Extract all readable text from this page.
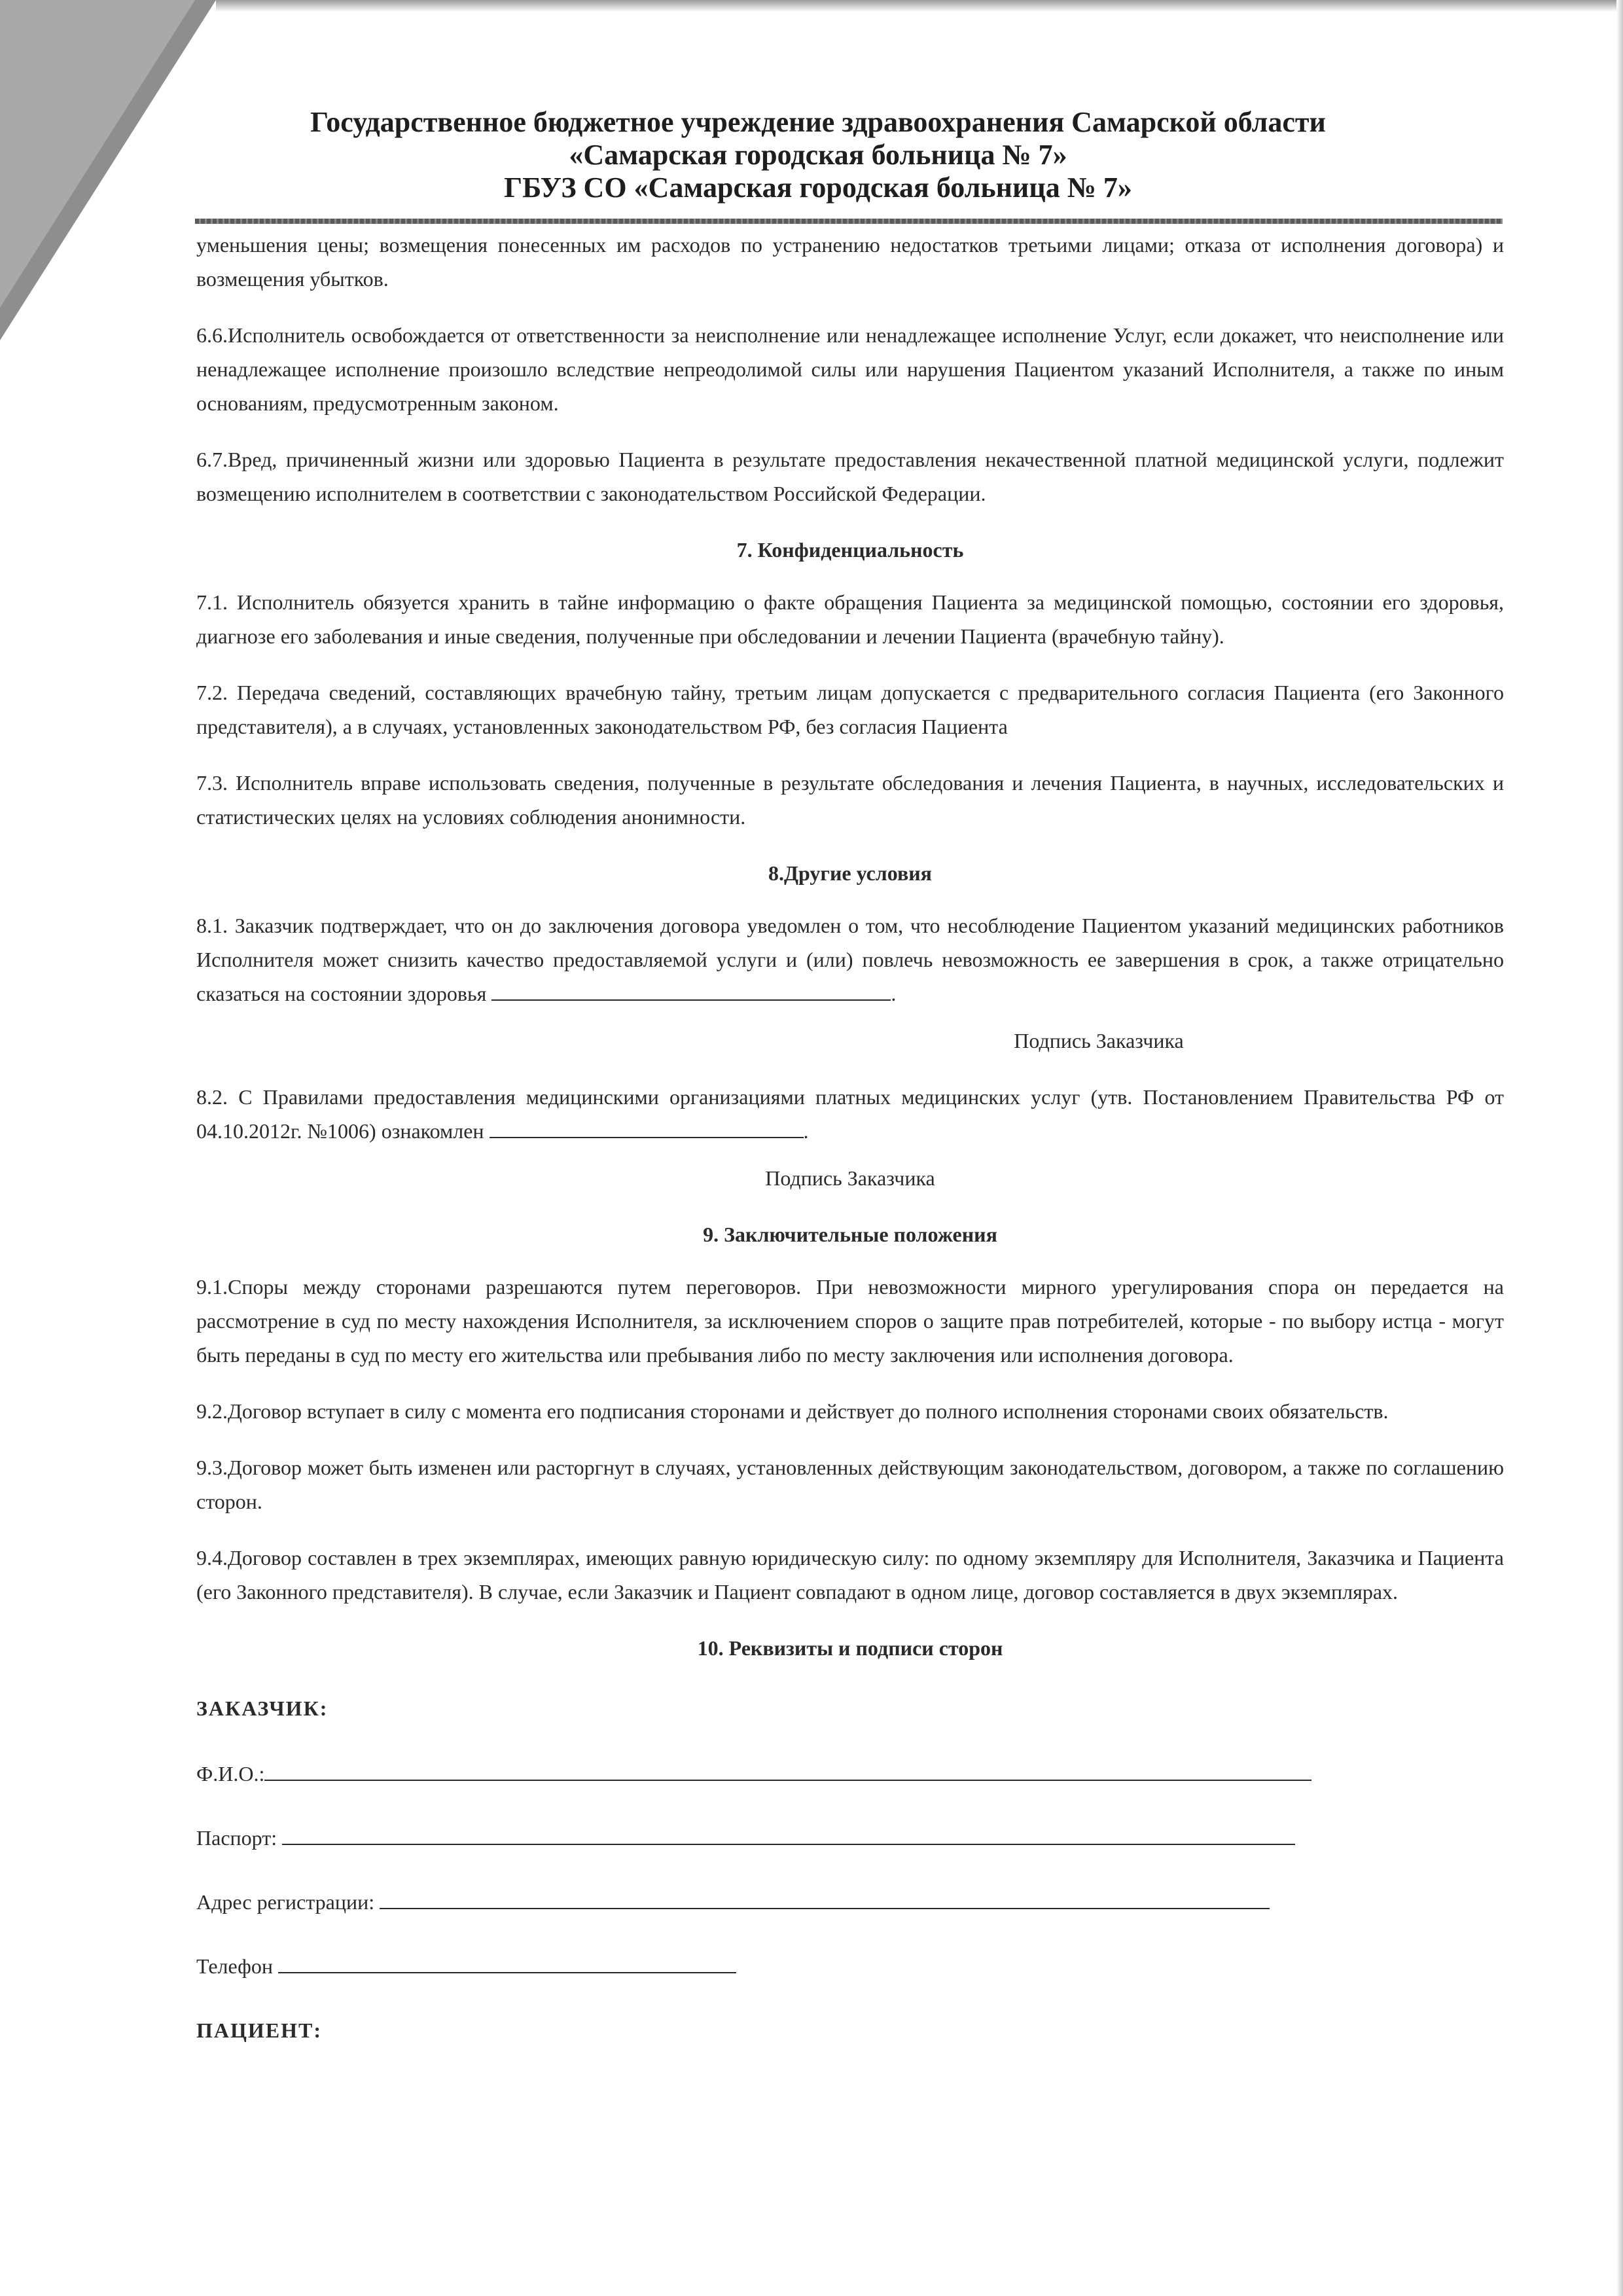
Государственное бюджетное учреждение здравоохранения Самарской области
«Самарская городская больница № 7»
ГБУЗ СО «Самарская городская больница № 7»
уменьшения цены; возмещения понесенных им расходов по устранению недостатков третьими лицами; отказа от исполнения договора) и возмещения убытков.
6.6.Исполнитель освобождается от ответственности за неисполнение или ненадлежащее исполнение Услуг, если докажет, что неисполнение или ненадлежащее исполнение произошло вследствие непреодолимой силы или нарушения Пациентом указаний Исполнителя, а также по иным основаниям, предусмотренным законом.
6.7.Вред, причиненный жизни или здоровью Пациента в результате предоставления некачественной платной медицинской услуги, подлежит возмещению исполнителем в соответствии с законодательством Российской Федерации.
7. Конфиденциальность
7.1. Исполнитель обязуется хранить в тайне информацию о факте обращения Пациента за медицинской помощью, состоянии его здоровья, диагнозе его заболевания и иные сведения, полученные при обследовании и лечении Пациента (врачебную тайну).
7.2. Передача сведений, составляющих врачебную тайну, третьим лицам допускается с предварительного согласия Пациента (его Законного представителя), а в случаях, установленных законодательством РФ, без согласия Пациента
7.3. Исполнитель вправе использовать сведения, полученные в результате обследования и лечения Пациента, в научных, исследовательских и статистических целях на условиях соблюдения анонимности.
8.Другие условия
8.1. Заказчик подтверждает, что он до заключения договора уведомлен о том, что несоблюдение Пациентом указаний медицинских работников Исполнителя может снизить качество предоставляемой услуги и (или) повлечь невозможность ее завершения в срок, а также отрицательно сказаться на состоянии здоровья	.
Подпись Заказчика
8.2. С Правилами предоставления медицинскими организациями платных медицинских услуг (утв. Постановлением Правительства РФ от 04.10.2012г. №1006) ознакомлен	.
Подпись Заказчика
9. Заключительные положения
9.1.Споры между сторонами разрешаются путем переговоров. При невозможности мирного урегулирования спора он передается на рассмотрение в суд по месту нахождения Исполнителя, за исключением споров о защите прав потребителей, которые - по выбору истца - могут быть переданы в суд по месту его жительства или пребывания либо по месту заключения или исполнения договора.
9.2.Договор вступает в силу с момента его подписания сторонами и действует до полного исполнения сторонами своих обязательств.
9.3.Договор может быть изменен или расторгнут в случаях, установленных действующим законодательством, договором, а также по соглашению сторон.
9.4.Договор составлен в трех экземплярах, имеющих равную юридическую силу: по одному экземпляру для Исполнителя, Заказчика и Пациента (его Законного представителя). В случае, если Заказчик и Пациент совпадают в одном лице, договор составляется в двух экземплярах.
10. Реквизиты и подписи сторон
ЗАКАЗЧИК:
Ф.И.О.:
Паспорт:
Адрес регистрации:
Телефон
ПАЦИЕНТ:
